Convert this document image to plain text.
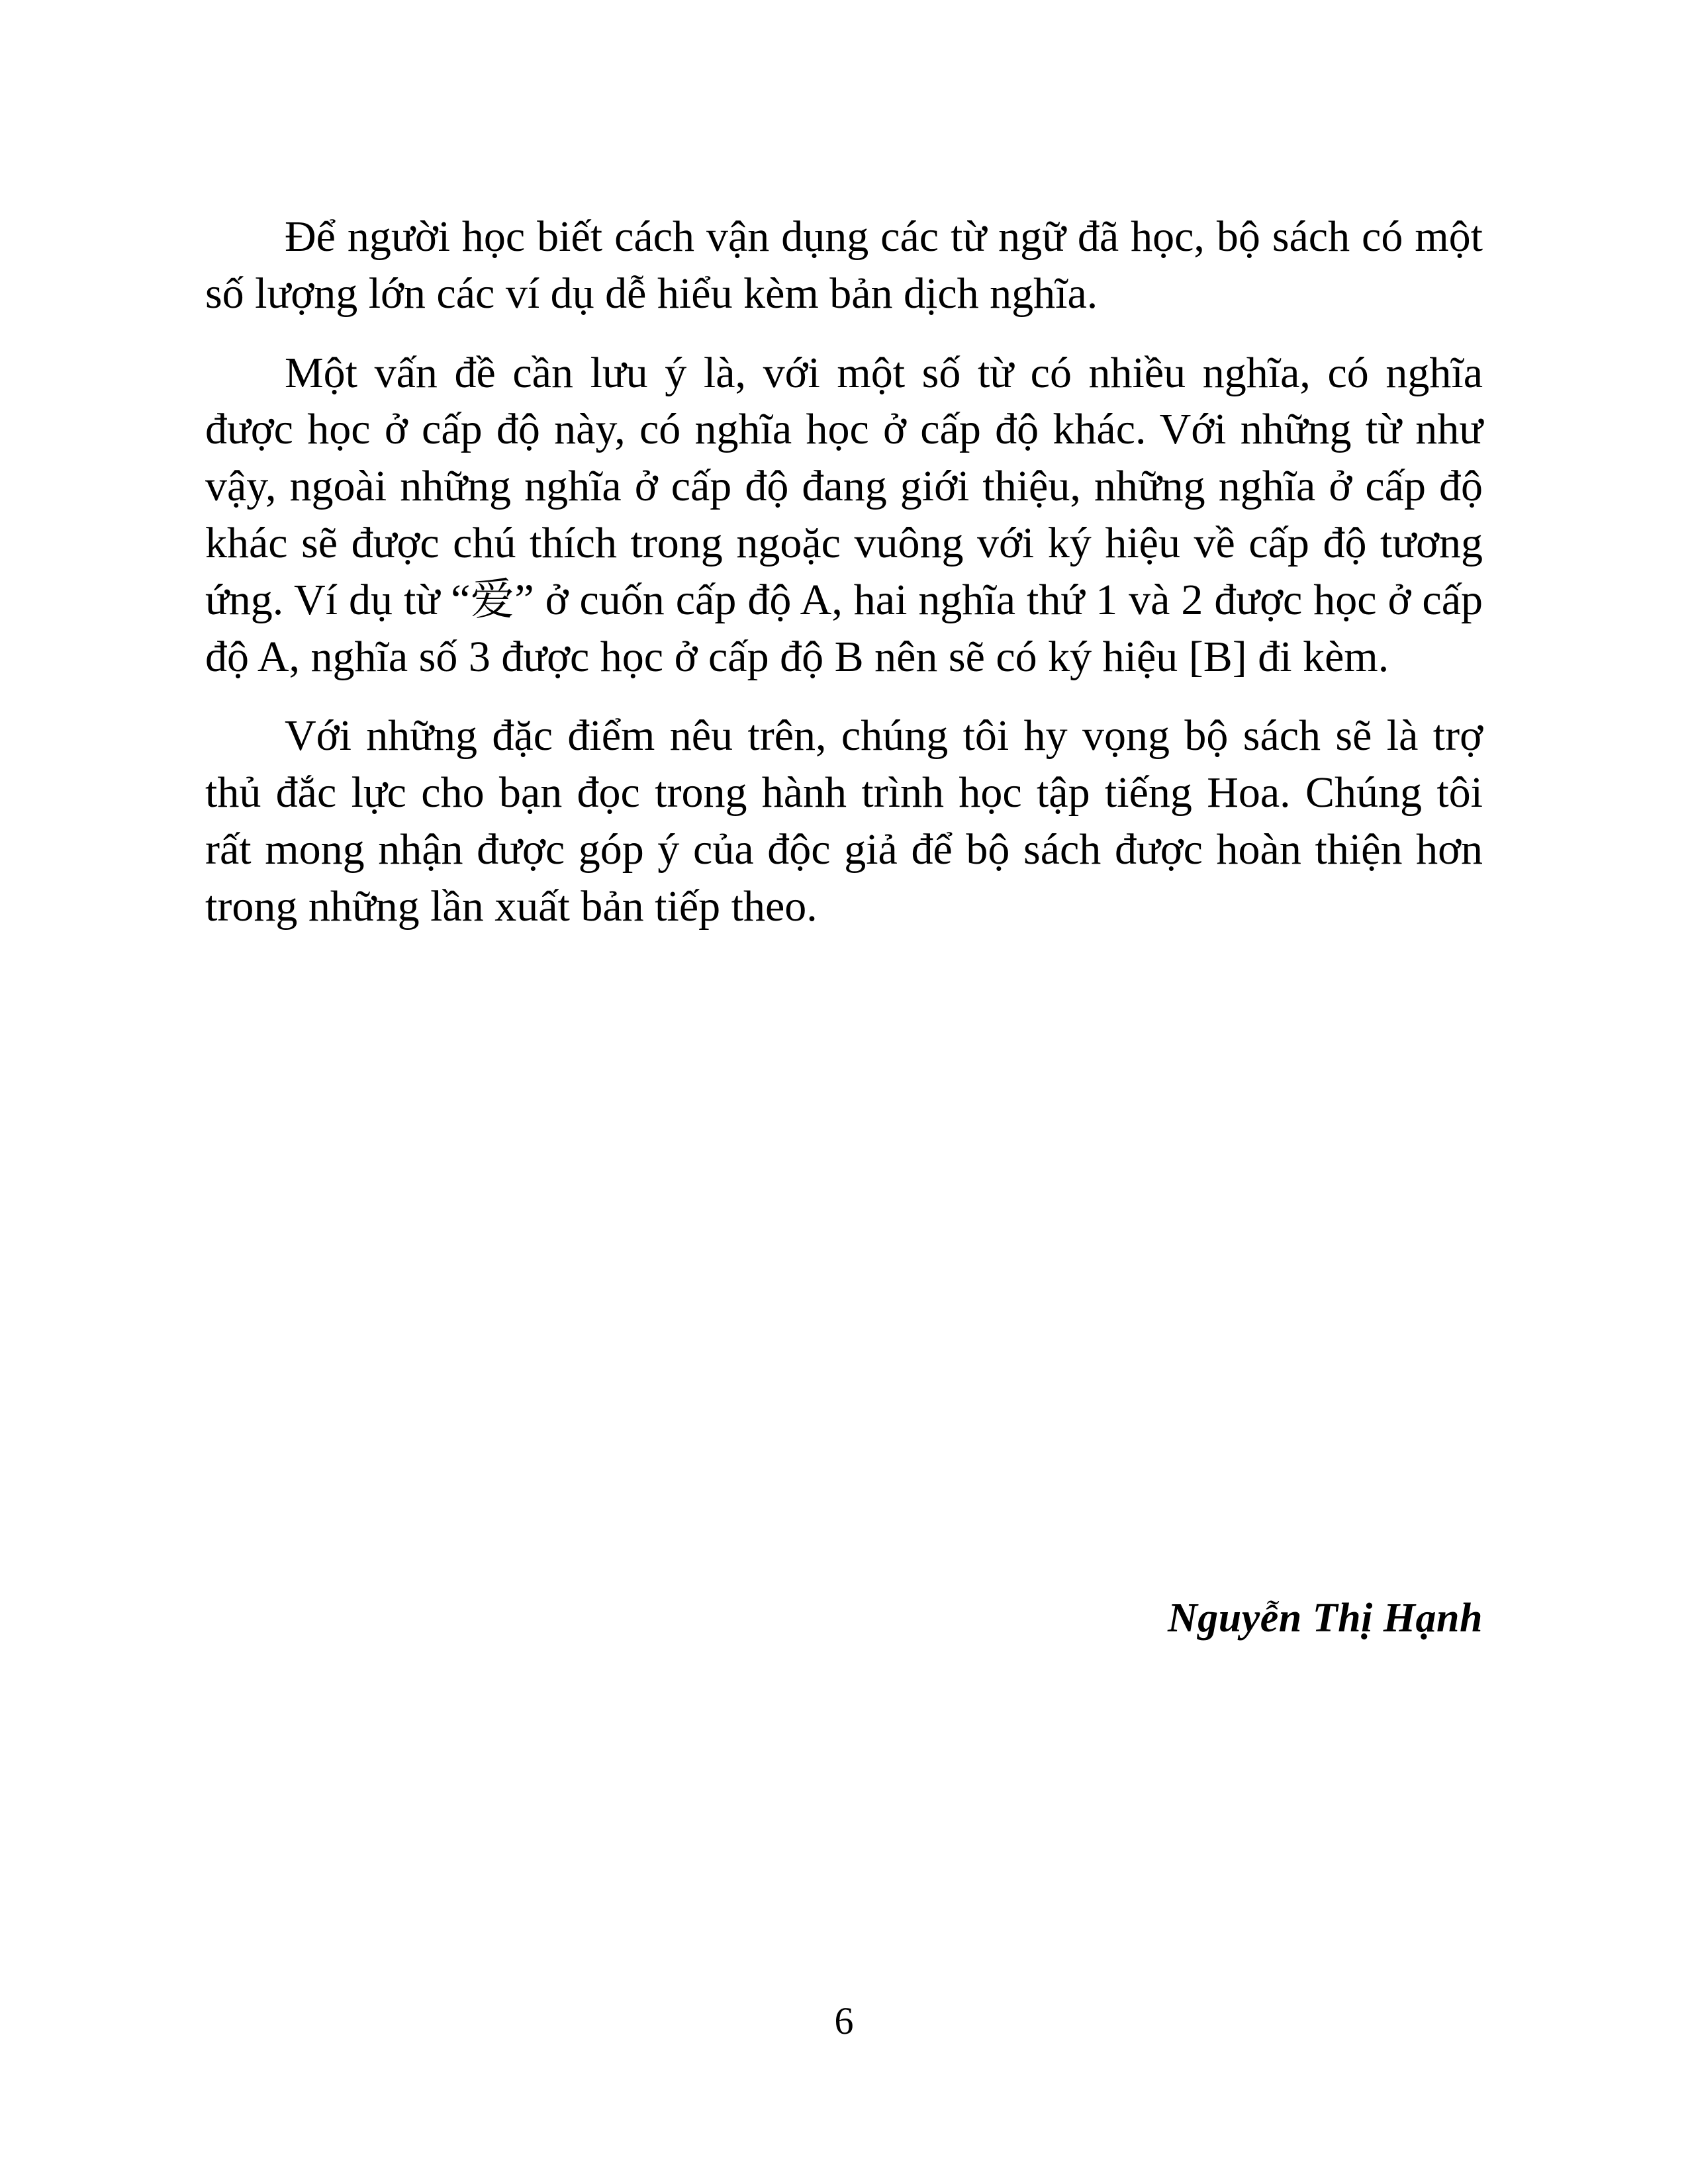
Để người học biết cách vận dụng các từ ngữ đã học, bộ sách có một số lượng lớn các ví dụ dễ hiểu kèm bản dịch nghĩa.

Một vấn đề cần lưu ý là, với một số từ có nhiều nghĩa, có nghĩa được học ở cấp độ này, có nghĩa học ở cấp độ khác. Với những từ như vậy, ngoài những nghĩa ở cấp độ đang giới thiệu, những nghĩa ở cấp độ khác sẽ được chú thích trong ngoặc vuông với ký hiệu về cấp độ tương ứng. Ví dụ từ “爱” ở cuốn cấp độ A, hai nghĩa thứ 1 và 2 được học ở cấp độ A, nghĩa số 3 được học ở cấp độ B nên sẽ có ký hiệu [B] đi kèm.

Với những đặc điểm nêu trên, chúng tôi hy vọng bộ sách sẽ là trợ thủ đắc lực cho bạn đọc trong hành trình học tập tiếng Hoa. Chúng tôi rất mong nhận được góp ý của độc giả để bộ sách được hoàn thiện hơn trong những lần xuất bản tiếp theo.

Nguyễn Thị Hạnh
6
